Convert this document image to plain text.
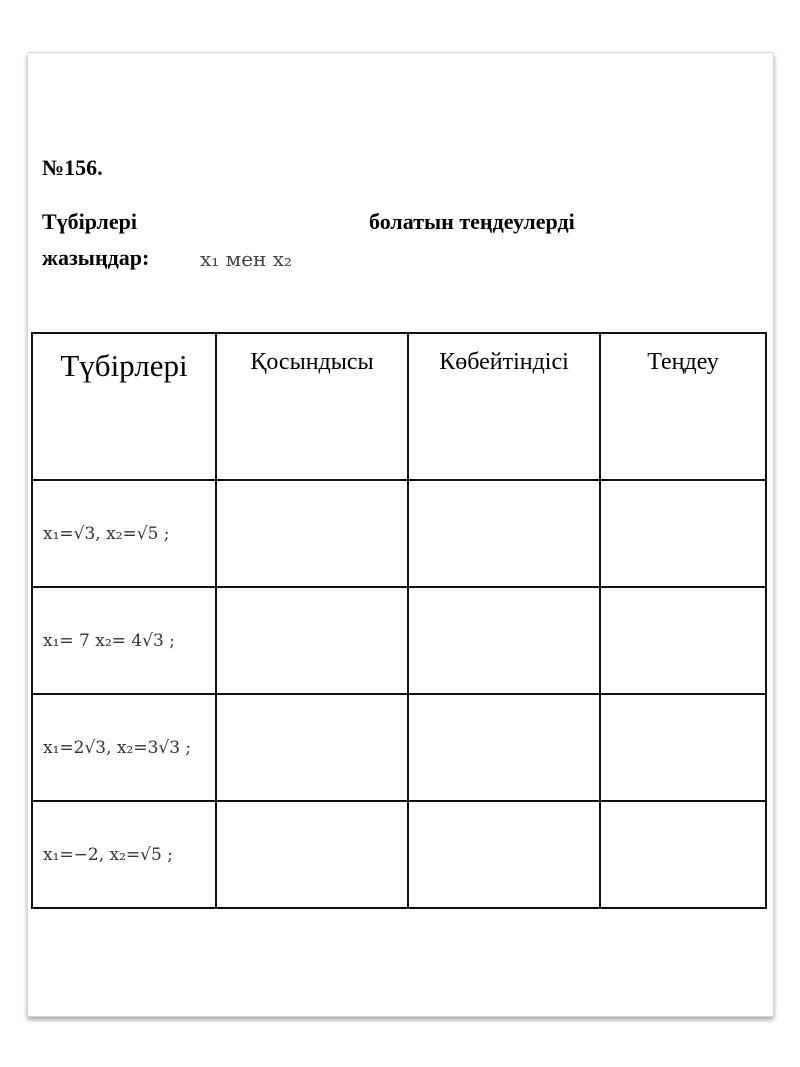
№156.
Түбірлері	болатын теңдеулерді
жазыңдар:	x₁ мен x₂
Түбірлері	Қосындысы	Көбейтіндісі	Теңдеу
x₁=√3, x₂=√5 ;			
x₁= 7 x₂= 4√3 ;			
x₁=2√3, x₂=3√3 ;			
x₁=−2, x₂=√5 ;			
